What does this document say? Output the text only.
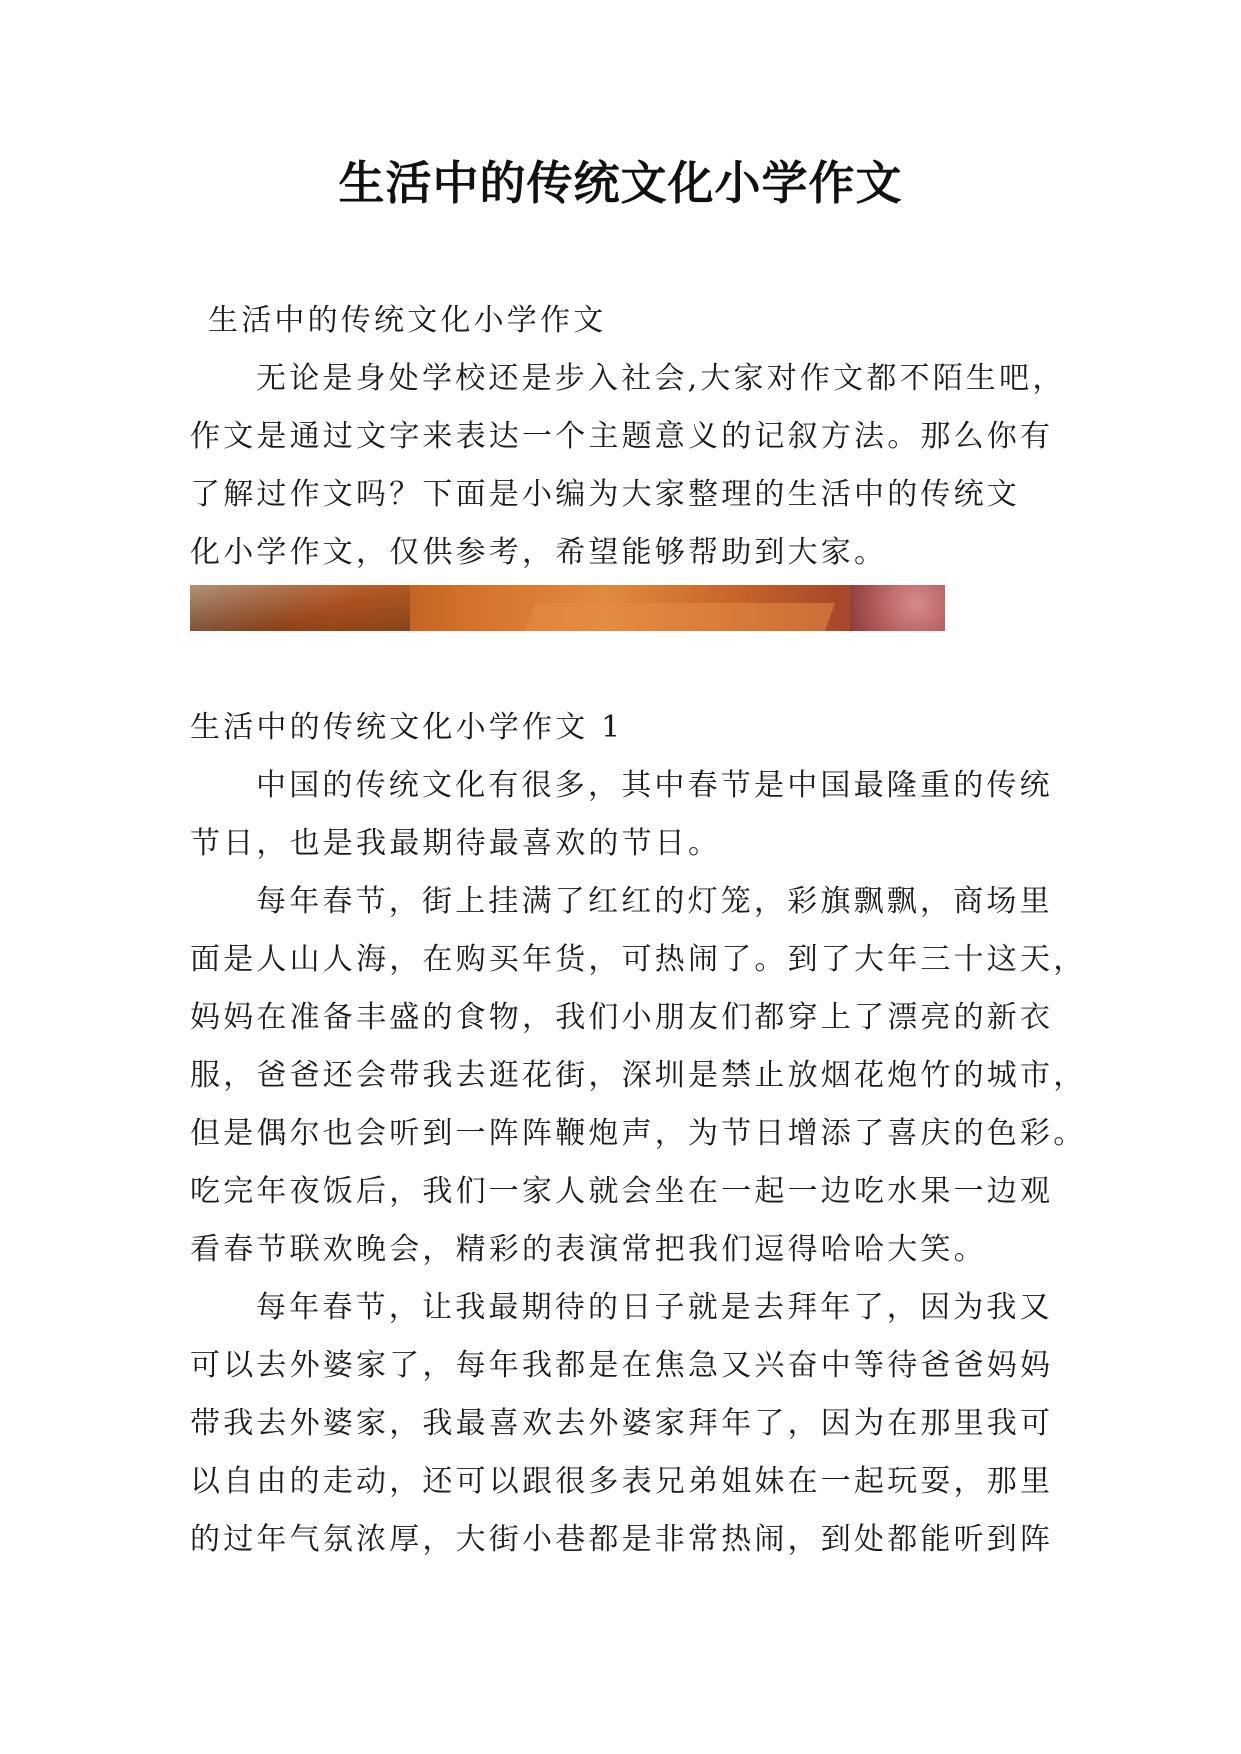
生活中的传统文化小学作文

生活中的传统文化小学作文

无论是身处学校还是步入社会,大家对作文都不陌生吧，

作文是通过文字来表达一个主题意义的记叙方法。那么你有

了解过作文吗？下面是小编为大家整理的生活中的传统文

化小学作文，仅供参考，希望能够帮助到大家。

生活中的传统文化小学作文 1

中国的传统文化有很多，其中春节是中国最隆重的传统

节日，也是我最期待最喜欢的节日。

每年春节，街上挂满了红红的灯笼，彩旗飘飘，商场里

面是人山人海，在购买年货，可热闹了。到了大年三十这天，

妈妈在准备丰盛的食物，我们小朋友们都穿上了漂亮的新衣

服，爸爸还会带我去逛花街，深圳是禁止放烟花炮竹的城市，

但是偶尔也会听到一阵阵鞭炮声，为节日增添了喜庆的色彩。

吃完年夜饭后，我们一家人就会坐在一起一边吃水果一边观

看春节联欢晚会，精彩的表演常把我们逗得哈哈大笑。

每年春节，让我最期待的日子就是去拜年了，因为我又

可以去外婆家了，每年我都是在焦急又兴奋中等待爸爸妈妈

带我去外婆家，我最喜欢去外婆家拜年了，因为在那里我可

以自由的走动，还可以跟很多表兄弟姐妹在一起玩耍，那里

的过年气氛浓厚，大街小巷都是非常热闹，到处都能听到阵
